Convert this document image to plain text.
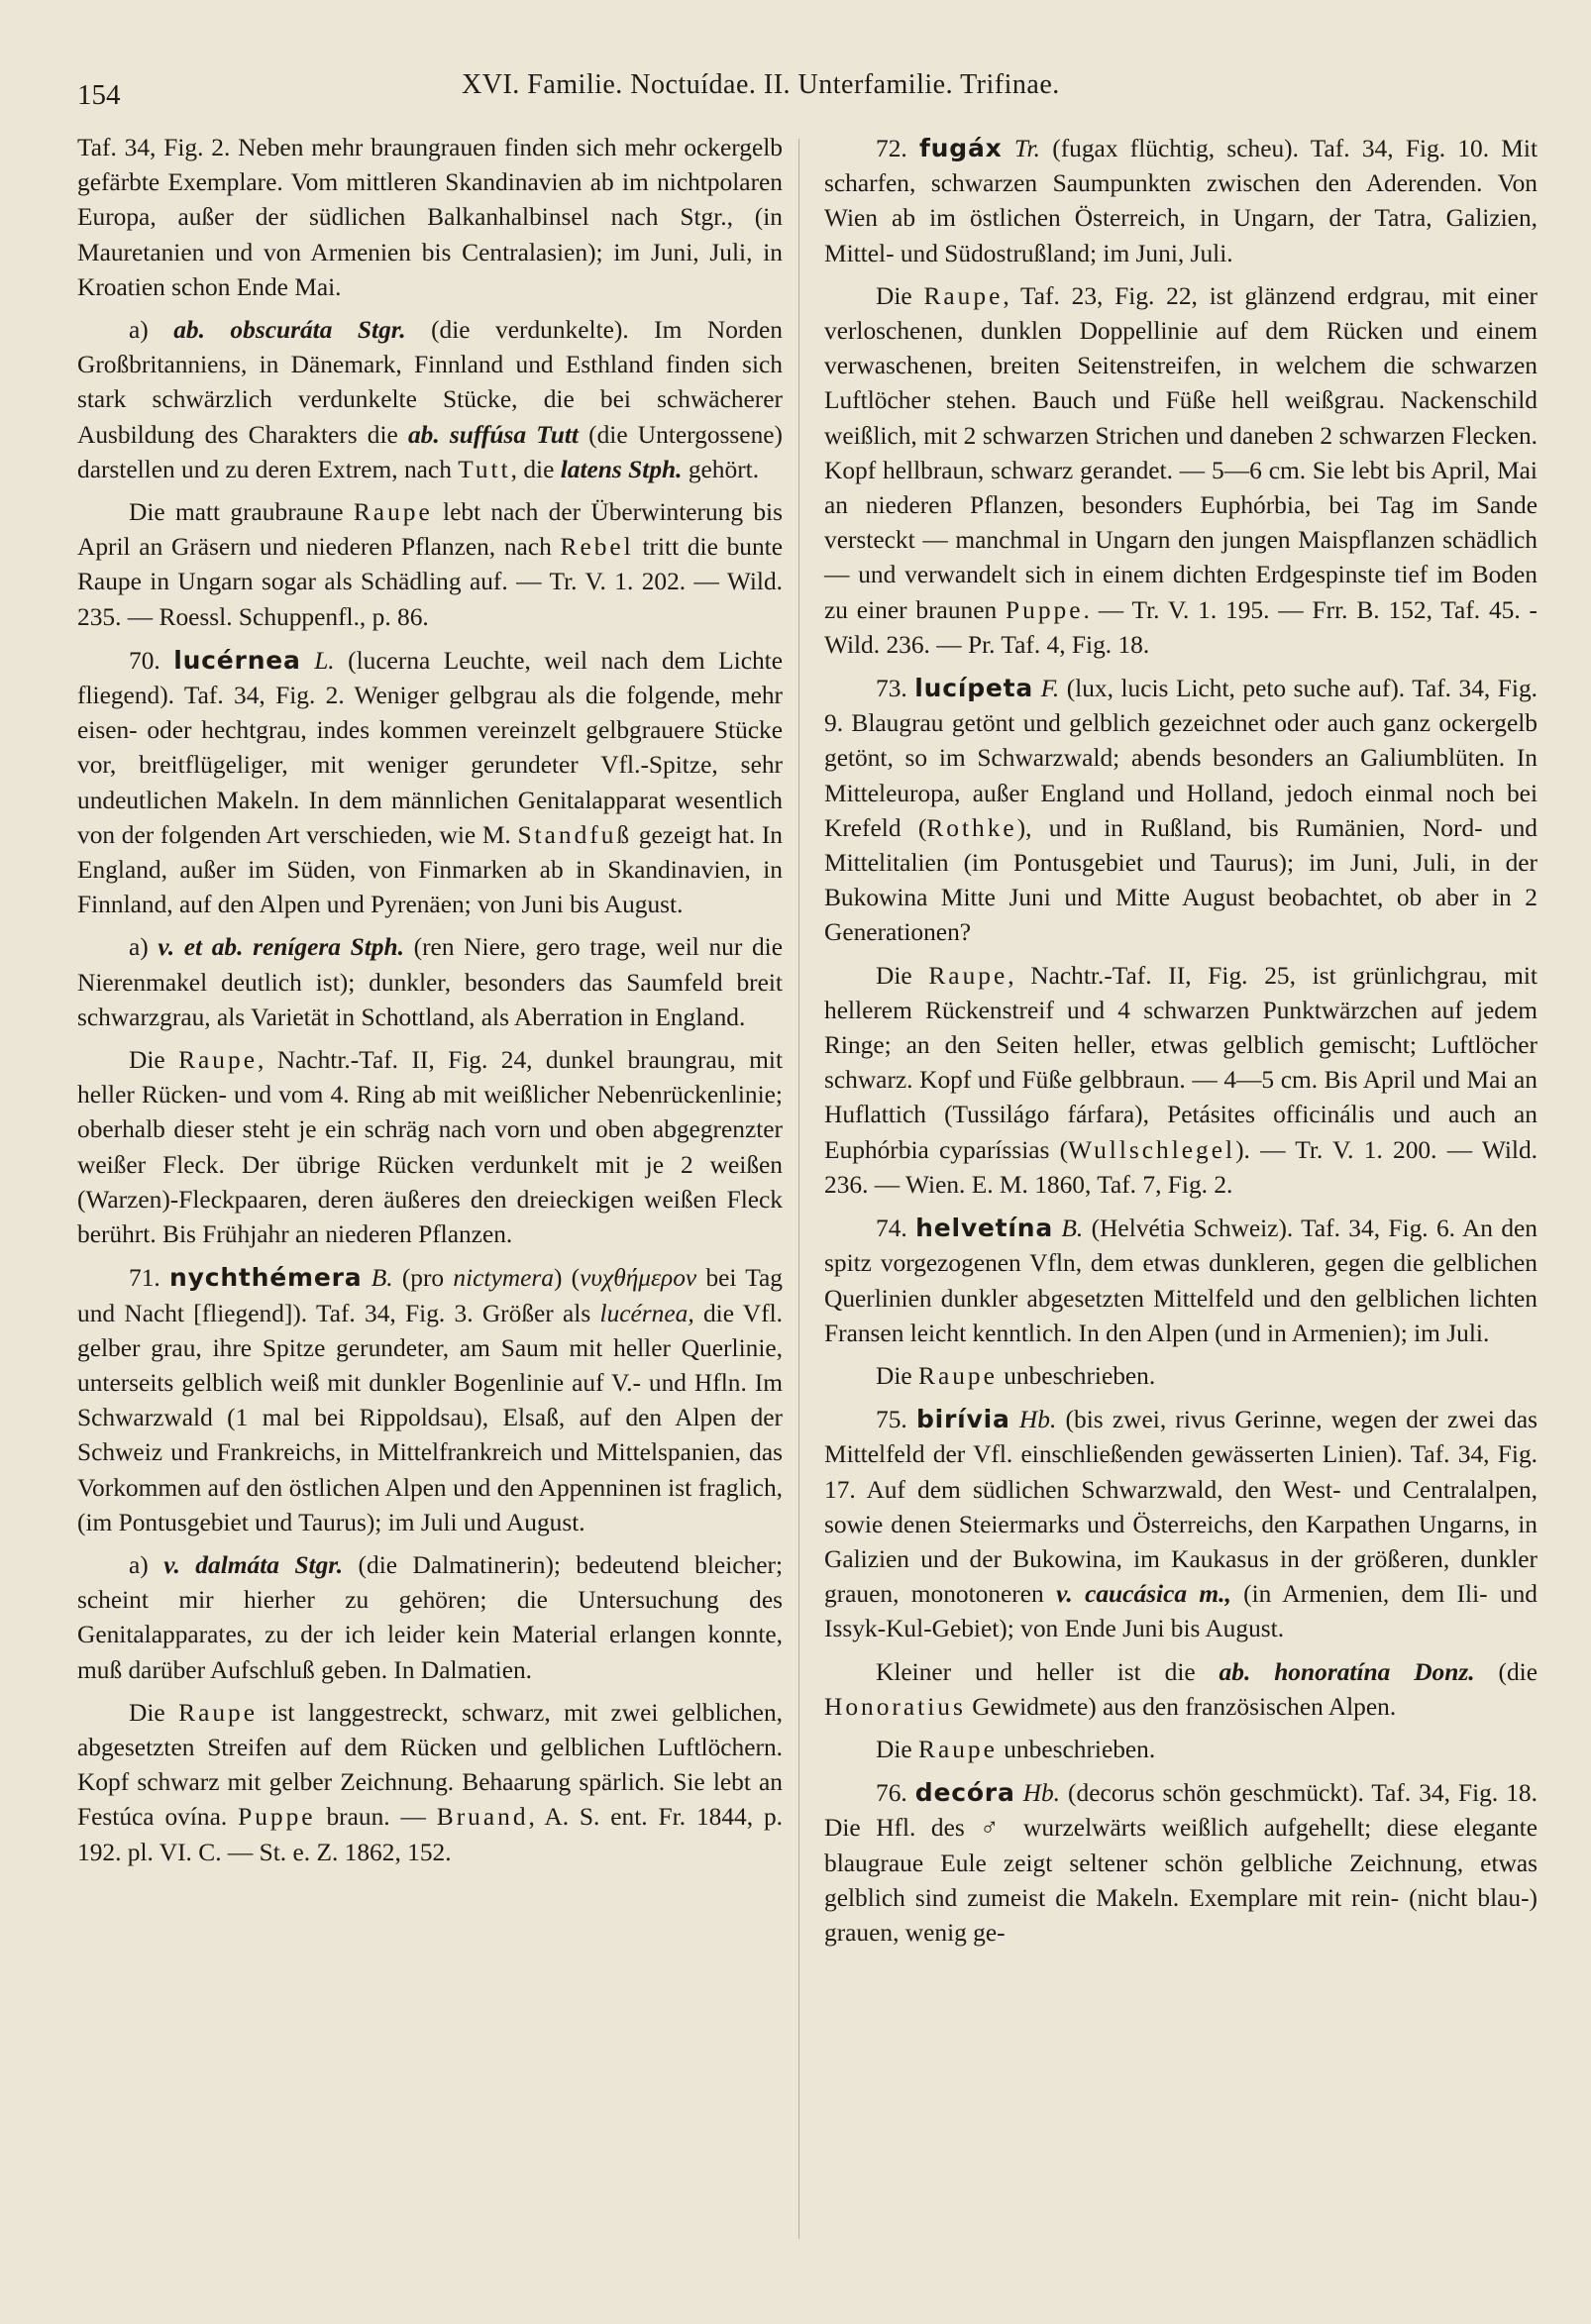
154	XVI. Familie. Noctuídae. II. Unterfamilie. Trifinae.

Taf. 34, Fig. 2. Neben mehr braungrauen finden sich mehr ockergelb gefärbte Exemplare. Vom mittleren Skandinavien ab im nichtpolaren Europa, außer der südlichen Balkanhalbinsel nach Stgr., (in Mauretanien und von Armenien bis Centralasien); im Juni, Juli, in Kroatien schon Ende Mai.

a) ab. obscuráta Stgr. (die verdunkelte). Im Norden Großbritanniens, in Dänemark, Finnland und Esthland finden sich stark schwärzlich verdunkelte Stücke, die bei schwächerer Ausbildung des Charakters die ab. suffúsa Tutt (die Untergossene) darstellen und zu deren Extrem, nach Tutt, die latens Stph. gehört.

Die matt graubraune Raupe lebt nach der Überwinterung bis April an Gräsern und niederen Pflanzen, nach Rebel tritt die bunte Raupe in Ungarn sogar als Schädling auf. — Tr. V. 1. 202. — Wild. 235. — Roessl. Schuppenfl., p. 86.

70. lucérnea L. (lucerna Leuchte, weil nach dem Lichte fliegend). Taf. 34, Fig. 2. Weniger gelbgrau als die folgende, mehr eisen- oder hechtgrau, indes kommen vereinzelt gelbgrauere Stücke vor, breitflügeliger, mit weniger gerundeter Vfl.-Spitze, sehr undeutlichen Makeln. In dem männlichen Genitalapparat wesentlich von der folgenden Art verschieden, wie M. Standfuß gezeigt hat. In England, außer im Süden, von Finmarken ab in Skandinavien, in Finnland, auf den Alpen und Pyrenäen; von Juni bis August.

a) v. et ab. renígera Stph. (ren Niere, gero trage, weil nur die Nierenmakel deutlich ist); dunkler, besonders das Saumfeld breit schwarzgrau, als Varietät in Schottland, als Aberration in England.

Die Raupe, Nachtr.-Taf. II, Fig. 24, dunkel braungrau, mit heller Rücken- und vom 4. Ring ab mit weißlicher Nebenrückenlinie; oberhalb dieser steht je ein schräg nach vorn und oben abgegrenzter weißer Fleck. Der übrige Rücken verdunkelt mit je 2 weißen (Warzen)-Fleckpaaren, deren äußeres den dreieckigen weißen Fleck berührt. Bis Frühjahr an niederen Pflanzen.

71. nychthémera B. (pro nictymera) (νυχθήμερον bei Tag und Nacht [fliegend]). Taf. 34, Fig. 3. Größer als lucérnea, die Vfl. gelber grau, ihre Spitze gerundeter, am Saum mit heller Querlinie, unterseits gelblich weiß mit dunkler Bogenlinie auf V.- und Hfln. Im Schwarzwald (1 mal bei Rippoldsau), Elsaß, auf den Alpen der Schweiz und Frankreichs, in Mittelfrankreich und Mittelspanien, das Vorkommen auf den östlichen Alpen und den Appenninen ist fraglich, (im Pontusgebiet und Taurus); im Juli und August.

a) v. dalmáta Stgr. (die Dalmatinerin); bedeutend bleicher; scheint mir hierher zu gehören; die Untersuchung des Genitalapparates, zu der ich leider kein Material erlangen konnte, muß darüber Aufschluß geben. In Dalmatien.

Die Raupe ist langgestreckt, schwarz, mit zwei gelblichen, abgesetzten Streifen auf dem Rücken und gelblichen Luftlöchern. Kopf schwarz mit gelber Zeichnung. Behaarung spärlich. Sie lebt an Festúca ovína. Puppe braun. — Bruand, A. S. ent. Fr. 1844, p. 192. pl. VI. C. — St. e. Z. 1862, 152.

72. fugáx Tr. (fugax flüchtig, scheu). Taf. 34, Fig. 10. Mit scharfen, schwarzen Saumpunkten zwischen den Aderenden. Von Wien ab im östlichen Österreich, in Ungarn, der Tatra, Galizien, Mittel- und Südostrußland; im Juni, Juli.

Die Raupe, Taf. 23, Fig. 22, ist glänzend erdgrau, mit einer verloschenen, dunklen Doppellinie auf dem Rücken und einem verwaschenen, breiten Seitenstreifen, in welchem die schwarzen Luftlöcher stehen. Bauch und Füße hell weißgrau. Nackenschild weißlich, mit 2 schwarzen Strichen und daneben 2 schwarzen Flecken. Kopf hellbraun, schwarz gerandet. — 5—6 cm. Sie lebt bis April, Mai an niederen Pflanzen, besonders Euphórbia, bei Tag im Sande versteckt — manchmal in Ungarn den jungen Maispflanzen schädlich — und verwandelt sich in einem dichten Erdgespinste tief im Boden zu einer braunen Puppe. — Tr. V. 1. 195. — Frr. B. 152, Taf. 45. - Wild. 236. — Pr. Taf. 4, Fig. 18.

73. lucípeta F. (lux, lucis Licht, peto suche auf). Taf. 34, Fig. 9. Blaugrau getönt und gelblich gezeichnet oder auch ganz ockergelb getönt, so im Schwarzwald; abends besonders an Galiumblüten. In Mitteleuropa, außer England und Holland, jedoch einmal noch bei Krefeld (Rothke), und in Rußland, bis Rumänien, Nord- und Mittelitalien (im Pontusgebiet und Taurus); im Juni, Juli, in der Bukowina Mitte Juni und Mitte August beobachtet, ob aber in 2 Generationen?

Die Raupe, Nachtr.-Taf. II, Fig. 25, ist grünlichgrau, mit hellerem Rückenstreif und 4 schwarzen Punktwärzchen auf jedem Ringe; an den Seiten heller, etwas gelblich gemischt; Luftlöcher schwarz. Kopf und Füße gelbbraun. — 4—5 cm. Bis April und Mai an Huflattich (Tussilágo fárfara), Petásites officinális und auch an Euphórbia cyparíssias (Wullschlegel). — Tr. V. 1. 200. — Wild. 236. — Wien. E. M. 1860, Taf. 7, Fig. 2.

74. helvetína B. (Helvétia Schweiz). Taf. 34, Fig. 6. An den spitz vorgezogenen Vfln, dem etwas dunkleren, gegen die gelblichen Querlinien dunkler abgesetzten Mittelfeld und den gelblichen lichten Fransen leicht kenntlich. In den Alpen (und in Armenien); im Juli.

Die Raupe unbeschrieben.

75. birívia Hb. (bis zwei, rivus Gerinne, wegen der zwei das Mittelfeld der Vfl. einschließenden gewässerten Linien). Taf. 34, Fig. 17. Auf dem südlichen Schwarzwald, den West- und Centralalpen, sowie denen Steiermarks und Österreichs, den Karpathen Ungarns, in Galizien und der Bukowina, im Kaukasus in der größeren, dunkler grauen, monotoneren v. caucásica m., (in Armenien, dem Ili- und Issyk-Kul-Gebiet); von Ende Juni bis August.

Kleiner und heller ist die ab. honoratína Donz. (die Honoratius Gewidmete) aus den französischen Alpen.

Die Raupe unbeschrieben.

76. decóra Hb. (decorus schön geschmückt). Taf. 34, Fig. 18. Die Hfl. des ♂ wurzelwärts weißlich aufgehellt; diese elegante blaugraue Eule zeigt seltener schön gelbliche Zeichnung, etwas gelblich sind zumeist die Makeln. Exemplare mit rein- (nicht blau-) grauen, wenig ge-
